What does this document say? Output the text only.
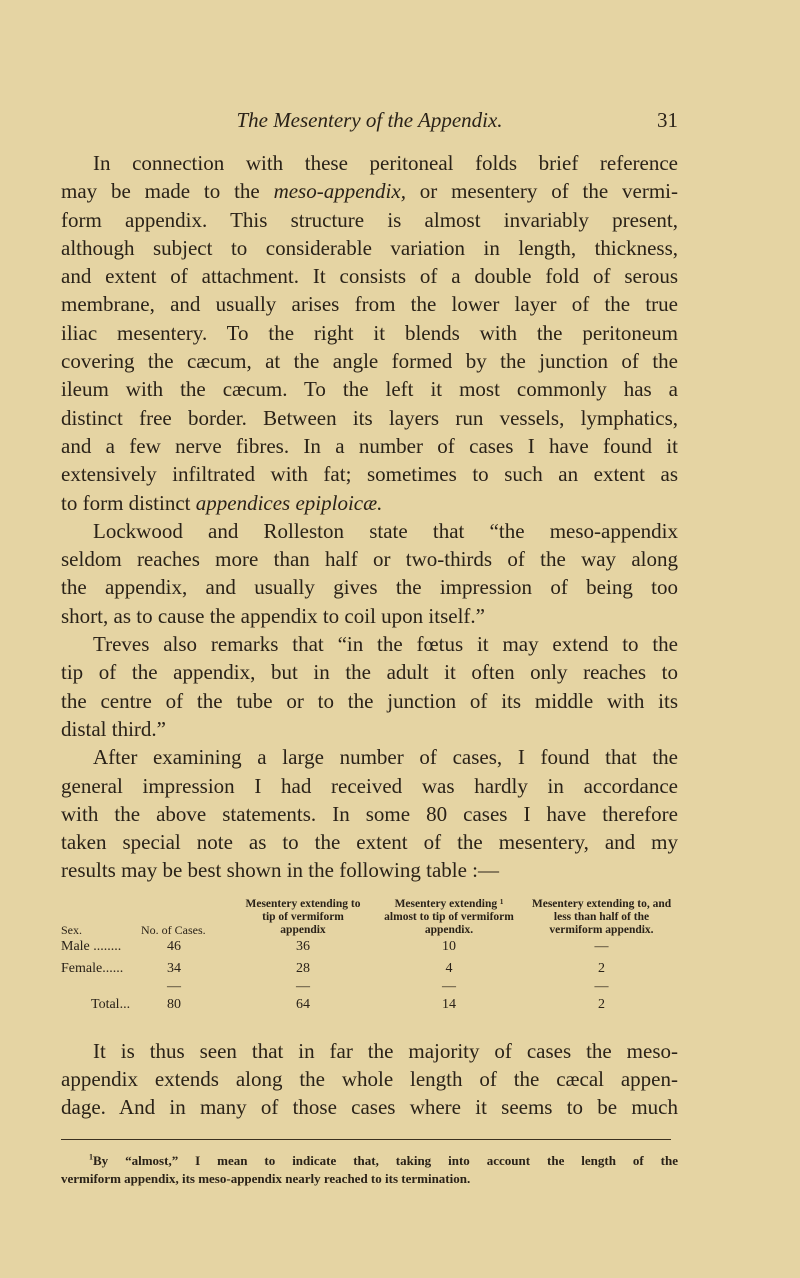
The Mesentery of the Appendix.	31
In connection with these peritoneal folds brief reference
may be made to the meso-appendix, or mesentery of the vermi-
form appendix. This structure is almost invariably present,
although subject to considerable variation in length, thickness,
and extent of attachment. It consists of a double fold of serous
membrane, and usually arises from the lower layer of the true
iliac mesentery. To the right it blends with the peritoneum
covering the cæcum, at the angle formed by the junction of the
ileum with the cæcum. To the left it most commonly has a
distinct free border. Between its layers run vessels, lymphatics,
and a few nerve fibres. In a number of cases I have found it
extensively infiltrated with fat; sometimes to such an extent as
to form distinct appendices epiploicæ.
Lockwood and Rolleston state that “the meso-appendix
seldom reaches more than half or two-thirds of the way along
the appendix, and usually gives the impression of being too
short, as to cause the appendix to coil upon itself.”
Treves also remarks that “in the fœtus it may extend to the
tip of the appendix, but in the adult it often only reaches to
the centre of the tube or to the junction of its middle with its
distal third.”
After examining a large number of cases, I found that the
general impression I had received was hardly in accordance
with the above statements. In some 80 cases I have therefore
taken special note as to the extent of the mesentery, and my
results may be best shown in the following table :—
Sex.	No. of Cases.	Mesentery extending to tip of vermiform appendix	Mesentery extending ¹ almost to tip of vermiform appendix.	Mesentery extending to, and less than half of the vermiform appendix.
Male ........	46	36	10	—
Female......	34	28	4	2
	—	—	—	—
Total...	80	64	14	2
It is thus seen that in far the majority of cases the meso-
appendix extends along the whole length of the cæcal appen-
dage. And in many of those cases where it seems to be much
$^1$By “almost,” I mean to indicate that, taking into account the length of the
vermiform appendix, its meso-appendix nearly reached to its termination.
